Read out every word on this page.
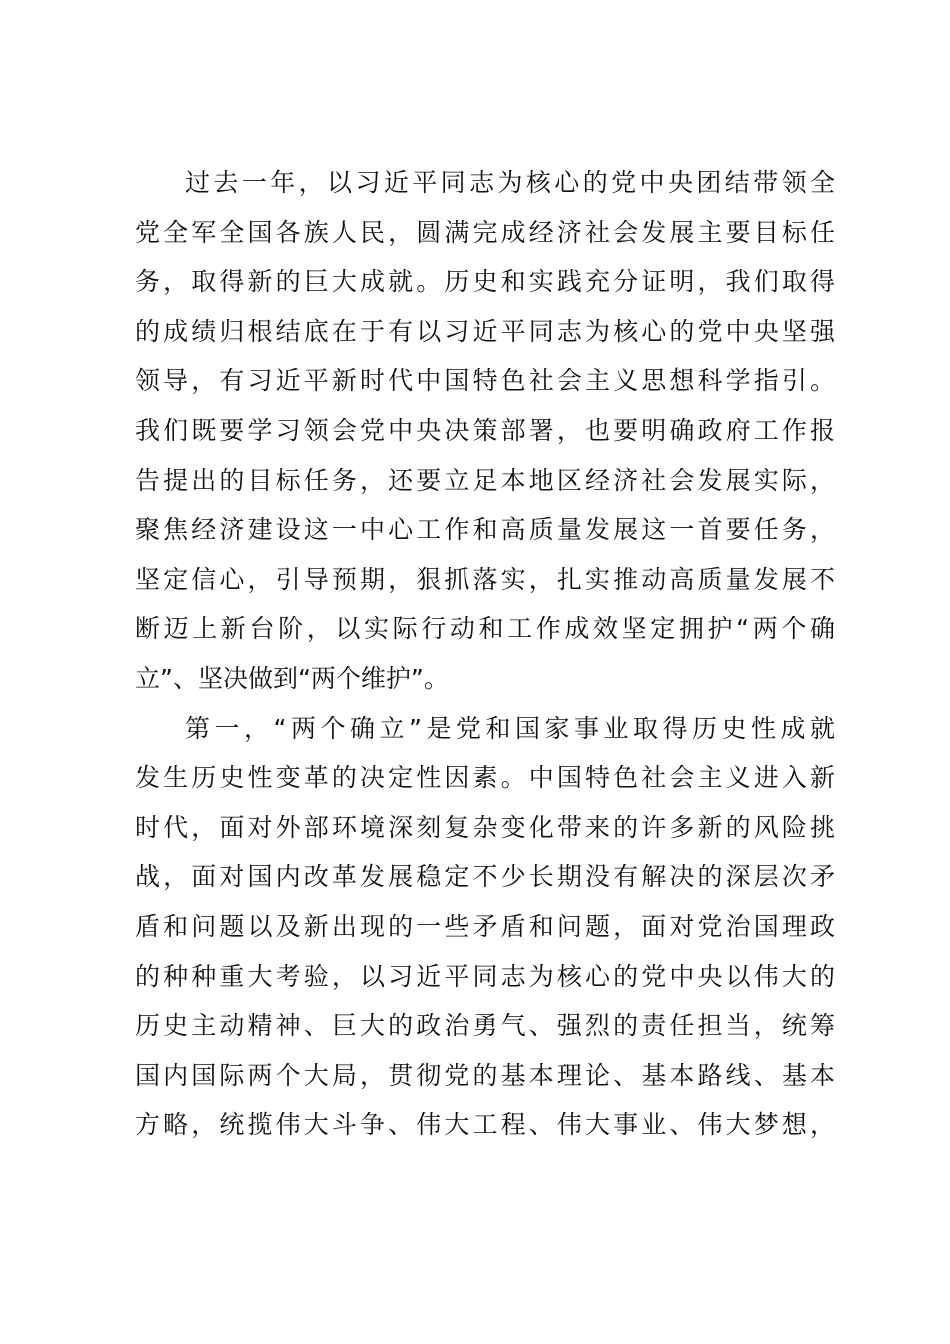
过去一年，以习近平同志为核心的党中央团结带领全
党全军全国各族人民，圆满完成经济社会发展主要目标任
务，取得新的巨大成就。历史和实践充分证明，我们取得
的成绩归根结底在于有以习近平同志为核心的党中央坚强
领导，有习近平新时代中国特色社会主义思想科学指引。
我们既要学习领会党中央决策部署，也要明确政府工作报
告提出的目标任务，还要立足本地区经济社会发展实际，
聚焦经济建设这一中心工作和高质量发展这一首要任务，
坚定信心，引导预期，狠抓落实，扎实推动高质量发展不
断迈上新台阶，以实际行动和工作成效坚定拥护“两个确
立”、坚决做到“两个维护”。
第一，“两个确立”是党和国家事业取得历史性成就
发生历史性变革的决定性因素。中国特色社会主义进入新
时代，面对外部环境深刻复杂变化带来的许多新的风险挑
战，面对国内改革发展稳定不少长期没有解决的深层次矛
盾和问题以及新出现的一些矛盾和问题，面对党治国理政
的种种重大考验，以习近平同志为核心的党中央以伟大的
历史主动精神、巨大的政治勇气、强烈的责任担当，统筹
国内国际两个大局，贯彻党的基本理论、基本路线、基本
方略，统揽伟大斗争、伟大工程、伟大事业、伟大梦想，
